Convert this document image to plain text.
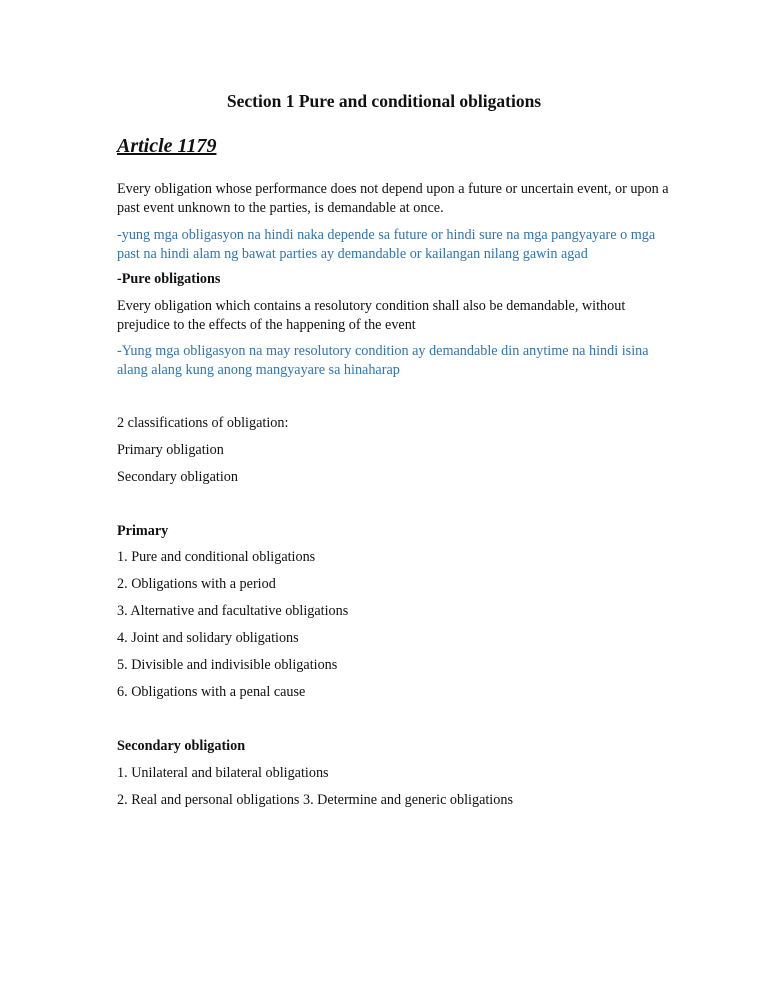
Section 1 Pure and conditional obligations
Article 1179

Every obligation whose performance does not depend upon a future or uncertain event, or upon a past event unknown to the parties, is demandable at once.

-yung mga obligasyon na hindi naka depende sa future or hindi sure na mga pangyayare o mga past na hindi alam ng bawat parties ay demandable or kailangan nilang gawin agad

-Pure obligations

Every obligation which contains a resolutory condition shall also be demandable, without prejudice to the effects of the happening of the event

-Yung mga obligasyon na may resolutory condition ay demandable din anytime na hindi isina alang alang kung anong mangyayare sa hinaharap

2 classifications of obligation:

Primary obligation

Secondary obligation

Primary

1. Pure and conditional obligations

2. Obligations with a period

3. Alternative and facultative obligations

4. Joint and solidary obligations

5. Divisible and indivisible obligations

6. Obligations with a penal cause

Secondary obligation

1. Unilateral and bilateral obligations

2. Real and personal obligations 3. Determine and generic obligations
